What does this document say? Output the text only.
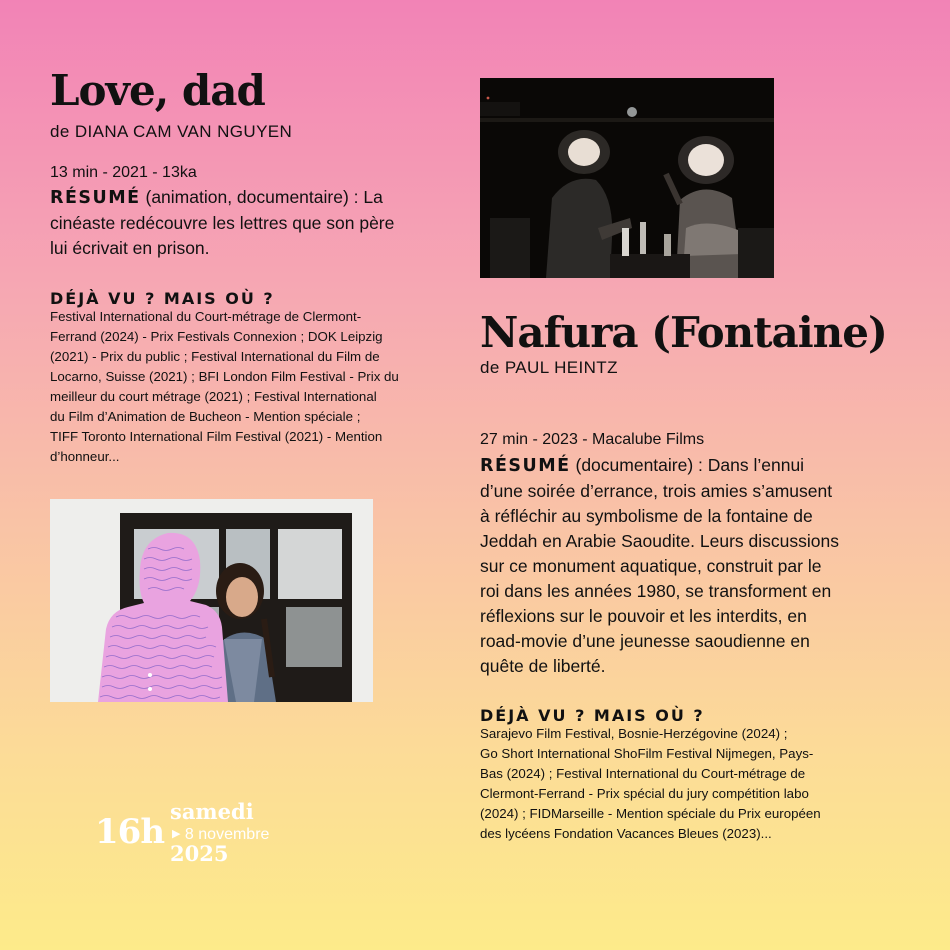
Love, dad
de DIANA CAM VAN NGUYEN
13 min - 2021 - 13ka
RÉSUMÉ (animation, documentaire) : La
cinéaste redécouvre les lettres que son père
lui écrivait en prison.
DÉJÀ VU ? MAIS OÙ ?
Festival International du Court-métrage de Clermont-
Ferrand (2024) - Prix Festivals Connexion ; DOK Leipzig
(2021) - Prix du public ; Festival International du Film de
Locarno, Suisse (2021) ; BFI London Film Festival - Prix du
meilleur du court métrage (2021) ; Festival International
du Film d’Animation de Bucheon - Mention spéciale ;
TIFF Toronto International Film Festival (2021) - Mention
d’honneur...
Nafura (Fontaine)
de PAUL HEINTZ
27 min - 2023 - Macalube Films
RÉSUMÉ (documentaire) : Dans l’ennui
d’une soirée d’errance, trois amies s’amusent
à réfléchir au symbolisme de la fontaine de
Jeddah en Arabie Saoudite. Leurs discussions
sur ce monument aquatique, construit par le
roi dans les années 1980, se transforment en
réflexions sur le pouvoir et les interdits, en
road-movie d’une jeunesse saoudienne en
quête de liberté.
DÉJÀ VU ? MAIS OÙ ?
Sarajevo Film Festival, Bosnie-Herzégovine (2024) ;
Go Short International ShoFilm Festival Nijmegen, Pays-
Bas (2024) ; Festival International du Court-métrage de
Clermont-Ferrand - Prix spécial du jury compétition labo
(2024) ; FIDMarseille - Mention spéciale du Prix européen
des lycéens Fondation Vacances Bleues (2023)...
16h
samedi
▶ 8 novembre
2025
